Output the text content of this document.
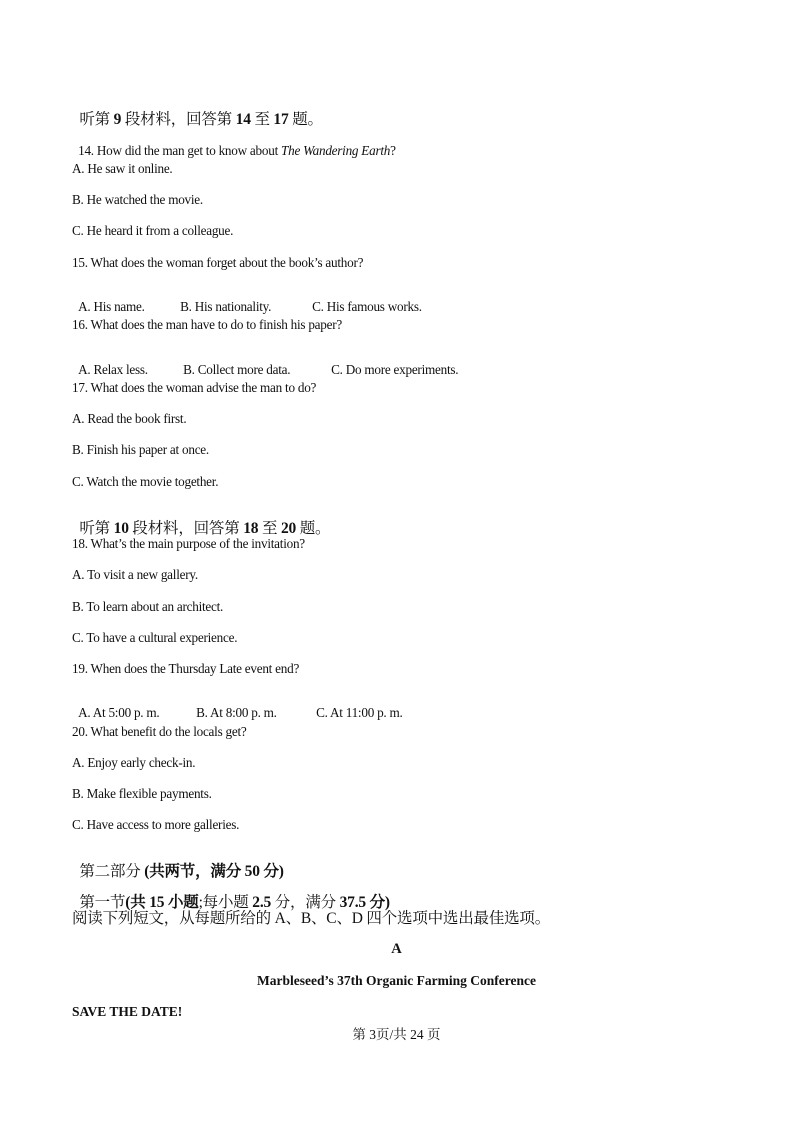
听第 9 段材料，回答第 14 至 17 题。

14. How did the man get to know about The Wandering Earth?

A. He saw it online.
B. He watched the movie.
C. He heard it from a colleague.
15. What does the woman forget about the book’s author?

A. His name.	B. His nationality.	C. His famous works.

16. What does the man have to do to finish his paper?

A. Relax less.	B. Collect more data.	C. Do more experiments.

17. What does the woman advise the man to do?
A. Read the book first.
B. Finish his paper at once.
C. Watch the movie together.

听第 10 段材料，回答第 18 至 20 题。

18. What’s the main purpose of the invitation?
A. To visit a new gallery.
B. To learn about an architect.
C. To have a cultural experience.
19. When does the Thursday Late event end?

A. At 5:00 p. m.	B. At 8:00 p. m.	C. At 11:00 p. m.

20. What benefit do the locals get?
A. Enjoy early check-in.
B. Make flexible payments.
C. Have access to more galleries.

第二部分 (共两节，满分 50 分)

第一节(共 15 小题;每小题 2.5 分，满分 37.5 分)

阅读下列短文，从每题所给的 A、B、C、D 四个选项中选出最佳选项。
A
Marbleseed’s 37th Organic Farming Conference
SAVE THE DATE!
第 3页/共 24 页
